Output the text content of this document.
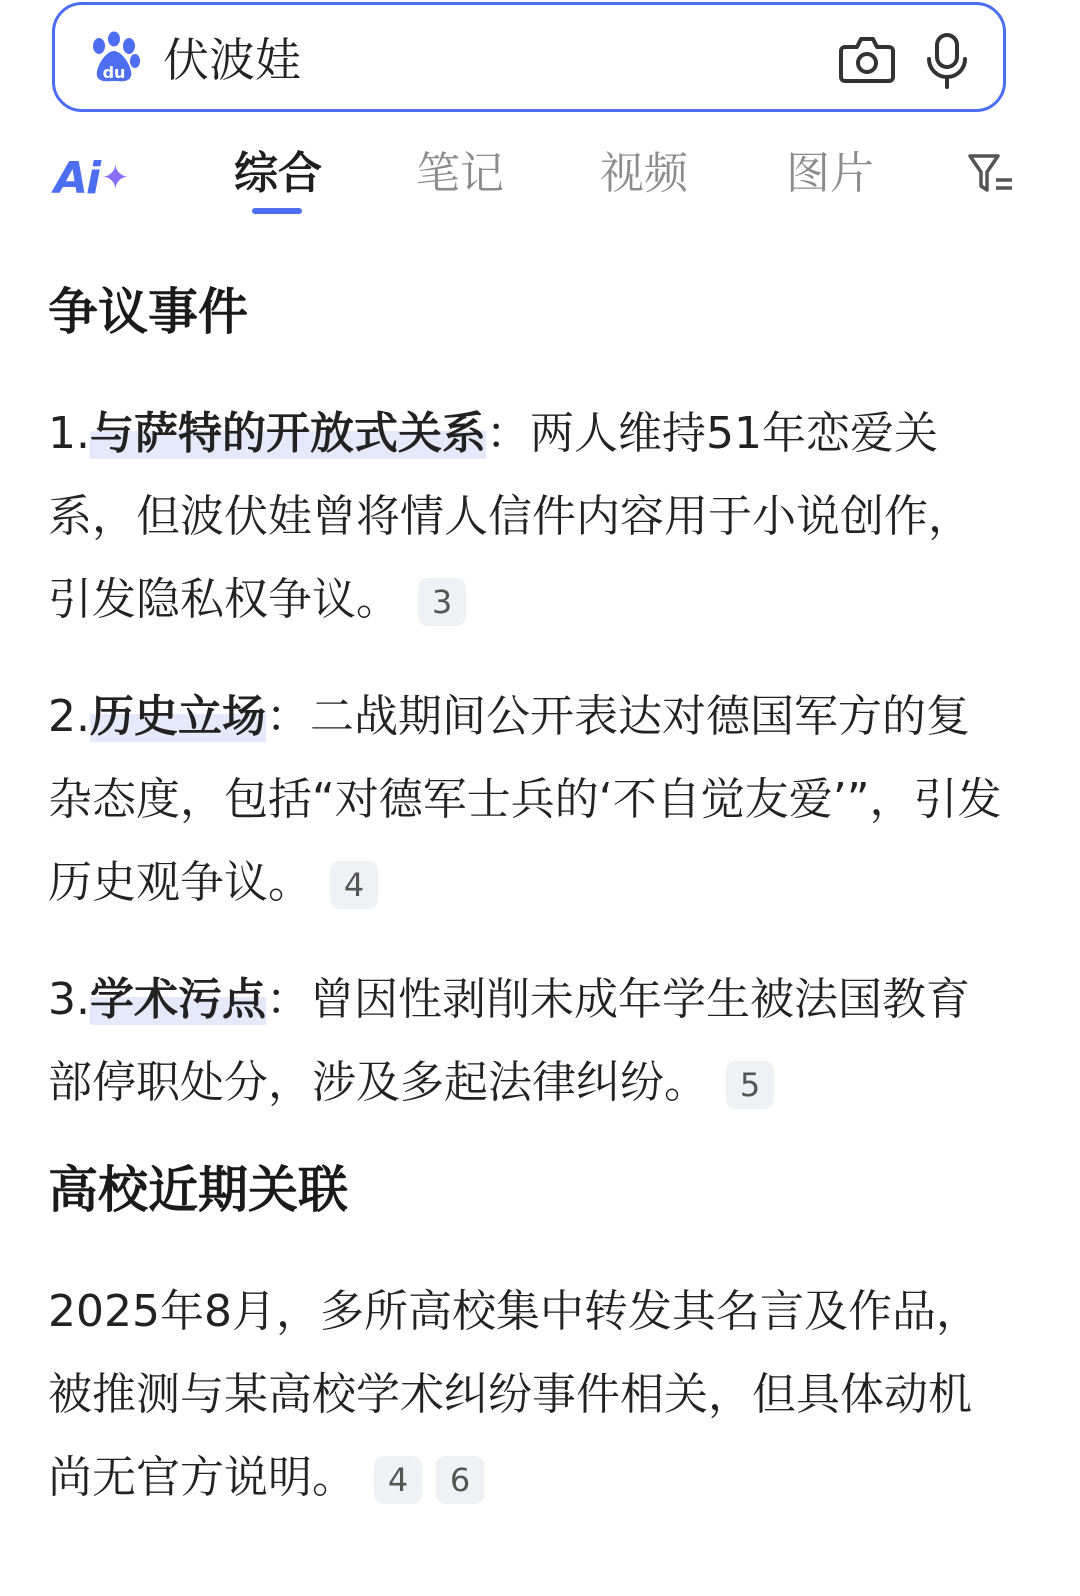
du 伏波娃
Ai ✦ 综合 笔记 视频 图片
争议事件

1.与萨特的开放式关系：两人维持51年恋爱关系，但波伏娃曾将情人信件内容用于小说创作，引发隐私权争议。 3

2.历史立场：二战期间公开表达对德国军方的复杂态度，包括“对德军士兵的‘不自觉友爱’”，引发历史观争议。 4

3.学术污点：曾因性剥削未成年学生被法国教育部停职处分，涉及多起法律纠纷。 5

高校近期关联

2025年8月，多所高校集中转发其名言及作品，被推测与某高校学术纠纷事件相关，但具体动机尚无官方说明。 4 6
